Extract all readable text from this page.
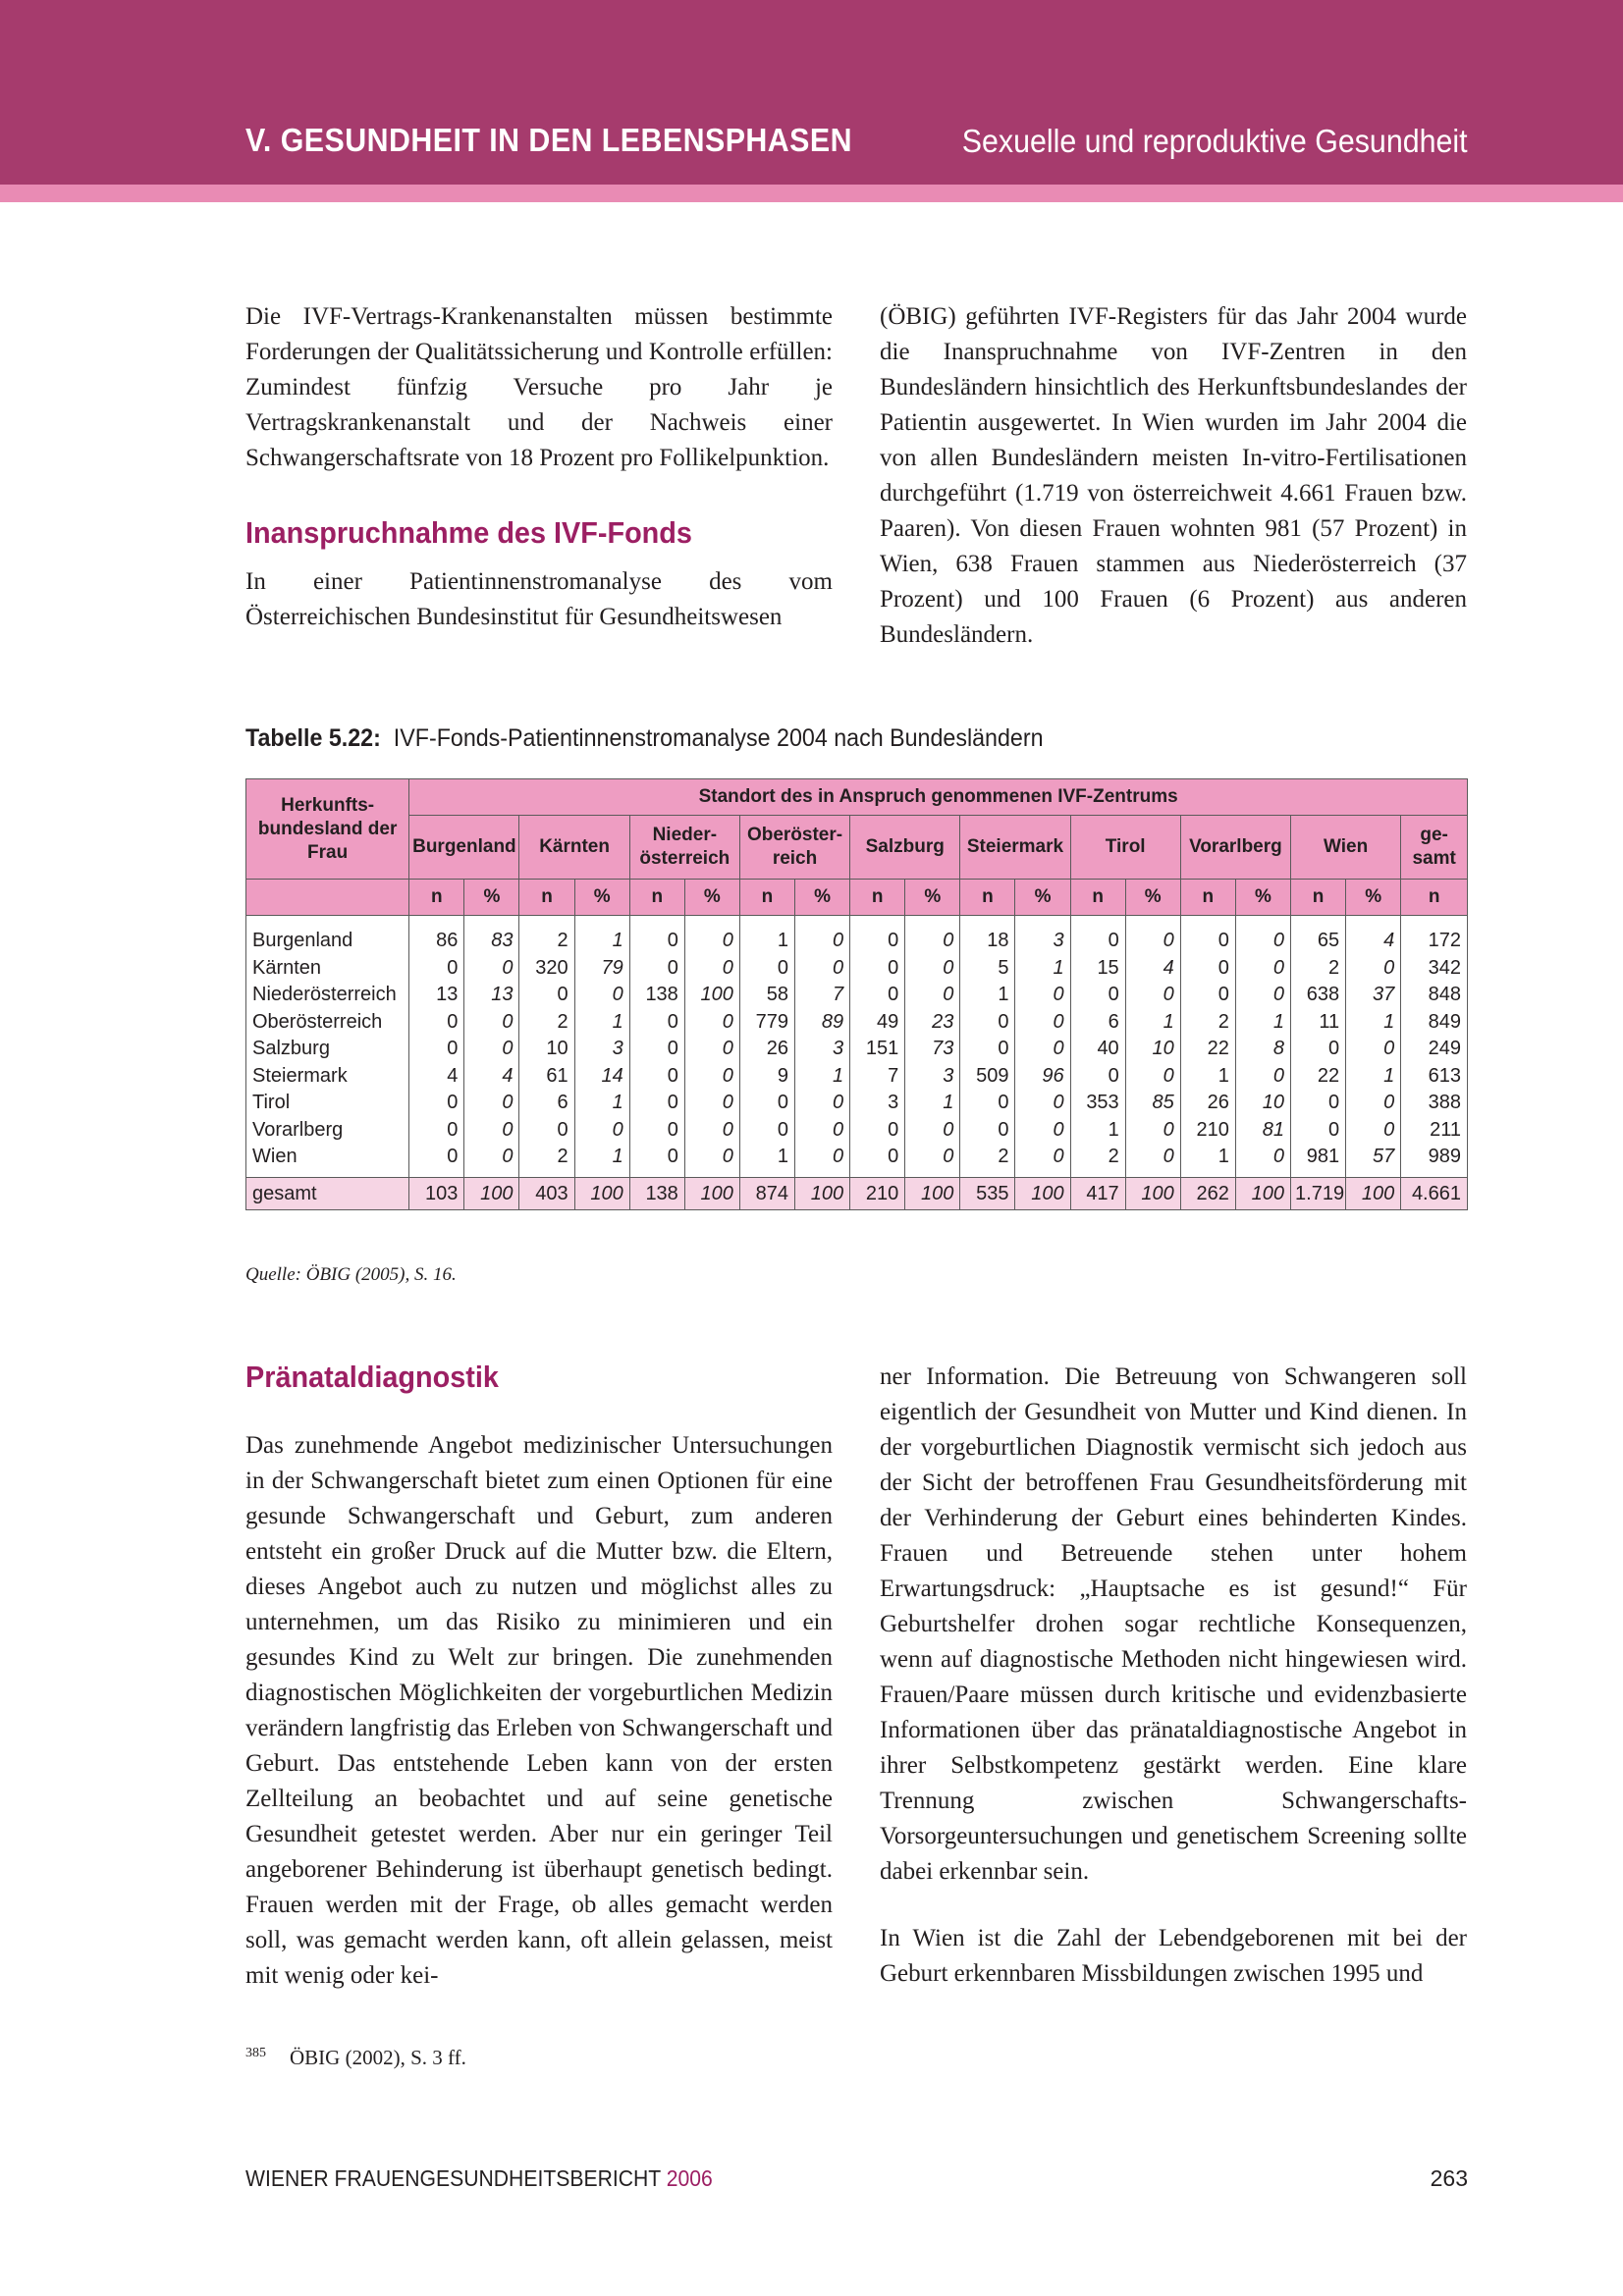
V. GESUNDHEIT IN DEN LEBENSPHASEN	Sexuelle und reproduktive Gesundheit

Die IVF-Vertrags-Krankenanstalten müssen bestimmte Forderungen der Qualitätssicherung und Kontrolle erfüllen: Zumindest fünfzig Versuche pro Jahr je Vertragskrankenanstalt und der Nachweis einer Schwangerschaftsrate von 18 Prozent pro Follikelpunktion.

Inanspruchnahme des IVF-Fonds

In einer Patientinnenstromanalyse des vom Österreichischen Bundesinstitut für Gesundheitswesen

(ÖBIG) geführten IVF-Registers für das Jahr 2004 wurde die Inanspruchnahme von IVF-Zentren in den Bundesländern hinsichtlich des Herkunftsbundeslandes der Patientin ausgewertet. In Wien wurden im Jahr 2004 die von allen Bundesländern meisten In-vitro-Fertilisationen durchgeführt (1.719 von österreichweit 4.661 Frauen bzw. Paaren). Von diesen Frauen wohnten 981 (57 Prozent) in Wien, 638 Frauen stammen aus Niederösterreich (37 Prozent) und 100 Frauen (6 Prozent) aus anderen Bundesländern.

Tabelle 5.22: IVF-Fonds-Patientinnenstromanalyse 2004 nach Bundesländern
Herkunfts-bundesland der Frau	Standort des in Anspruch genommenen IVF-Zentrums																		
	Burgenland		Kärnten		Nieder-österreich		Oberöster-reich		Salzburg		Steiermark		Tirol		Vorarlberg		Wien		ge-samt
	n	%	n	%	n	%	n	%	n	%	n	%	n	%	n	%	n	%	n
Burgenland	86	83	2	1	0	0	1	0	0	0	18	3	0	0	0	0	65	4	172
Kärnten	0	0	320	79	0	0	0	0	0	0	5	1	15	4	0	0	2	0	342
Niederösterreich	13	13	0	0	138	100	58	7	0	0	1	0	0	0	0	0	638	37	848
Oberösterreich	0	0	2	1	0	0	779	89	49	23	0	0	6	1	2	1	11	1	849
Salzburg	0	0	10	3	0	0	26	3	151	73	0	0	40	10	22	8	0	0	249
Steiermark	4	4	61	14	0	0	9	1	7	3	509	96	0	0	1	0	22	1	613
Tirol	0	0	6	1	0	0	0	0	3	1	0	0	353	85	26	10	0	0	388
Vorarlberg	0	0	0	0	0	0	0	0	0	0	0	0	1	0	210	81	0	0	211
Wien	0	0	2	1	0	0	1	0	0	0	2	0	2	0	1	0	981	57	989
gesamt	103	100	403	100	138	100	874	100	210	100	535	100	417	100	262	100	1.719	100	4.661
Quelle: ÖBIG (2005), S. 16.
Pränataldiagnostik

Das zunehmende Angebot medizinischer Untersuchungen in der Schwangerschaft bietet zum einen Optionen für eine gesunde Schwangerschaft und Geburt, zum anderen entsteht ein großer Druck auf die Mutter bzw. die Eltern, dieses Angebot auch zu nutzen und möglichst alles zu unternehmen, um das Risiko zu minimieren und ein gesundes Kind zu Welt zur bringen. Die zunehmenden diagnostischen Möglichkeiten der vorgeburtlichen Medizin verändern langfristig das Erleben von Schwangerschaft und Geburt. Das entstehende Leben kann von der ersten Zellteilung an beobachtet und auf seine genetische Gesundheit getestet werden. Aber nur ein geringer Teil angeborener Behinderung ist überhaupt genetisch bedingt. Frauen werden mit der Frage, ob alles gemacht werden soll, was gemacht werden kann, oft allein gelassen, meist mit wenig oder kei-

ner Information. Die Betreuung von Schwangeren soll eigentlich der Gesundheit von Mutter und Kind dienen. In der vorgeburtlichen Diagnostik vermischt sich jedoch aus der Sicht der betroffenen Frau Gesundheitsförderung mit der Verhinderung der Geburt eines behinderten Kindes. Frauen und Betreuende stehen unter hohem Erwartungsdruck: „Hauptsache es ist gesund!“ Für Geburtshelfer drohen sogar rechtliche Konsequenzen, wenn auf diagnostische Methoden nicht hingewiesen wird. Frauen/Paare müssen durch kritische und evidenzbasierte Informationen über das pränataldiagnostische Angebot in ihrer Selbstkompetenz gestärkt werden. Eine klare Trennung zwischen Schwangerschafts-Vorsorgeuntersuchungen und genetischem Screening sollte dabei erkennbar sein.

In Wien ist die Zahl der Lebendgeborenen mit bei der Geburt erkennbaren Missbildungen zwischen 1995 und

$^{385}$ ÖBIG (2002), S. 3 ff.
WIENER FRAUENGESUNDHEITSBERICHT 2006	263
